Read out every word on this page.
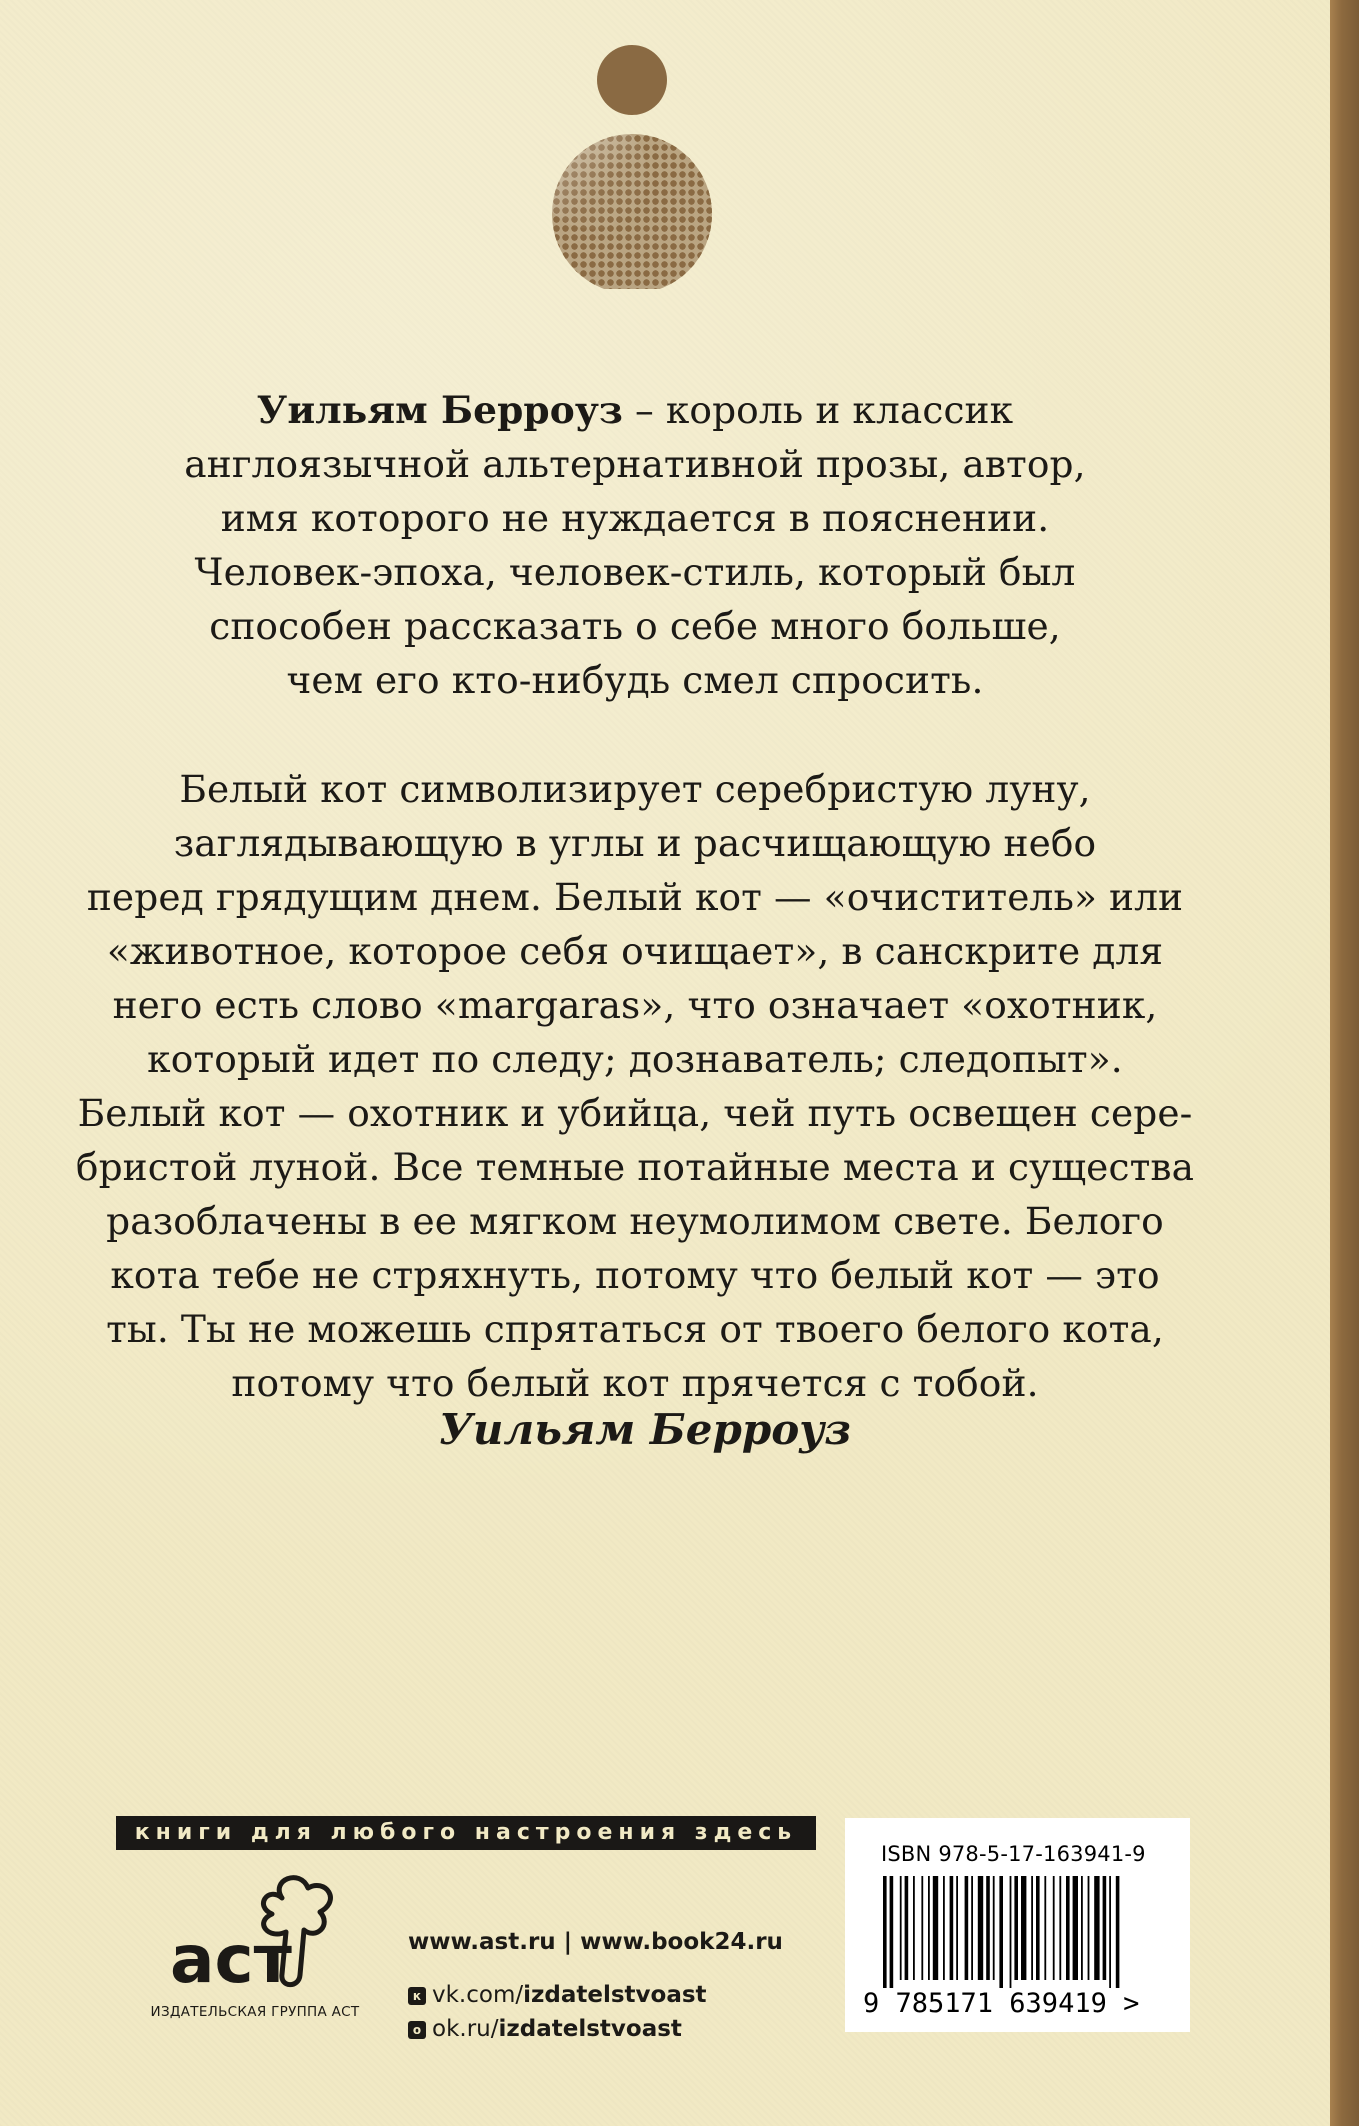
Уильям Берроуз – король и классик
англоязычной альтернативной прозы, автор,
имя которого не нуждается в пояснении.
Человек-эпоха, человек-стиль, который был
способен рассказать о себе много больше,
чем его кто-нибудь смел спросить.
Белый кот символизирует серебристую луну,
заглядывающую в углы и расчищающую небо
перед грядущим днем. Белый кот — «очиститель» или
«животное, которое себя очищает», в санскрите для
него есть слово «margaras», что означает «охотник,
который идет по следу; дознаватель; следопыт».
Белый кот — охотник и убийца, чей путь освещен сере-
бристой луной. Все темные потайные места и существа
разоблачены в ее мягком неумолимом свете. Белого
кота тебе не стряхнуть, потому что белый кот — это
ты. Ты не можешь спрятаться от твоего белого кота,
потому что белый кот прячется с тобой.
Уильям Берроуз
книги для любого настроения здесь
аст
ИЗДАТЕЛЬСКАЯ ГРУППА АСТ
www.ast.ru | www.book24.ru
к vk.com/izdatelstvoast
о ok.ru/izdatelstvoast
ISBN 978-5-17-163941-9
9 785171 639419 >
